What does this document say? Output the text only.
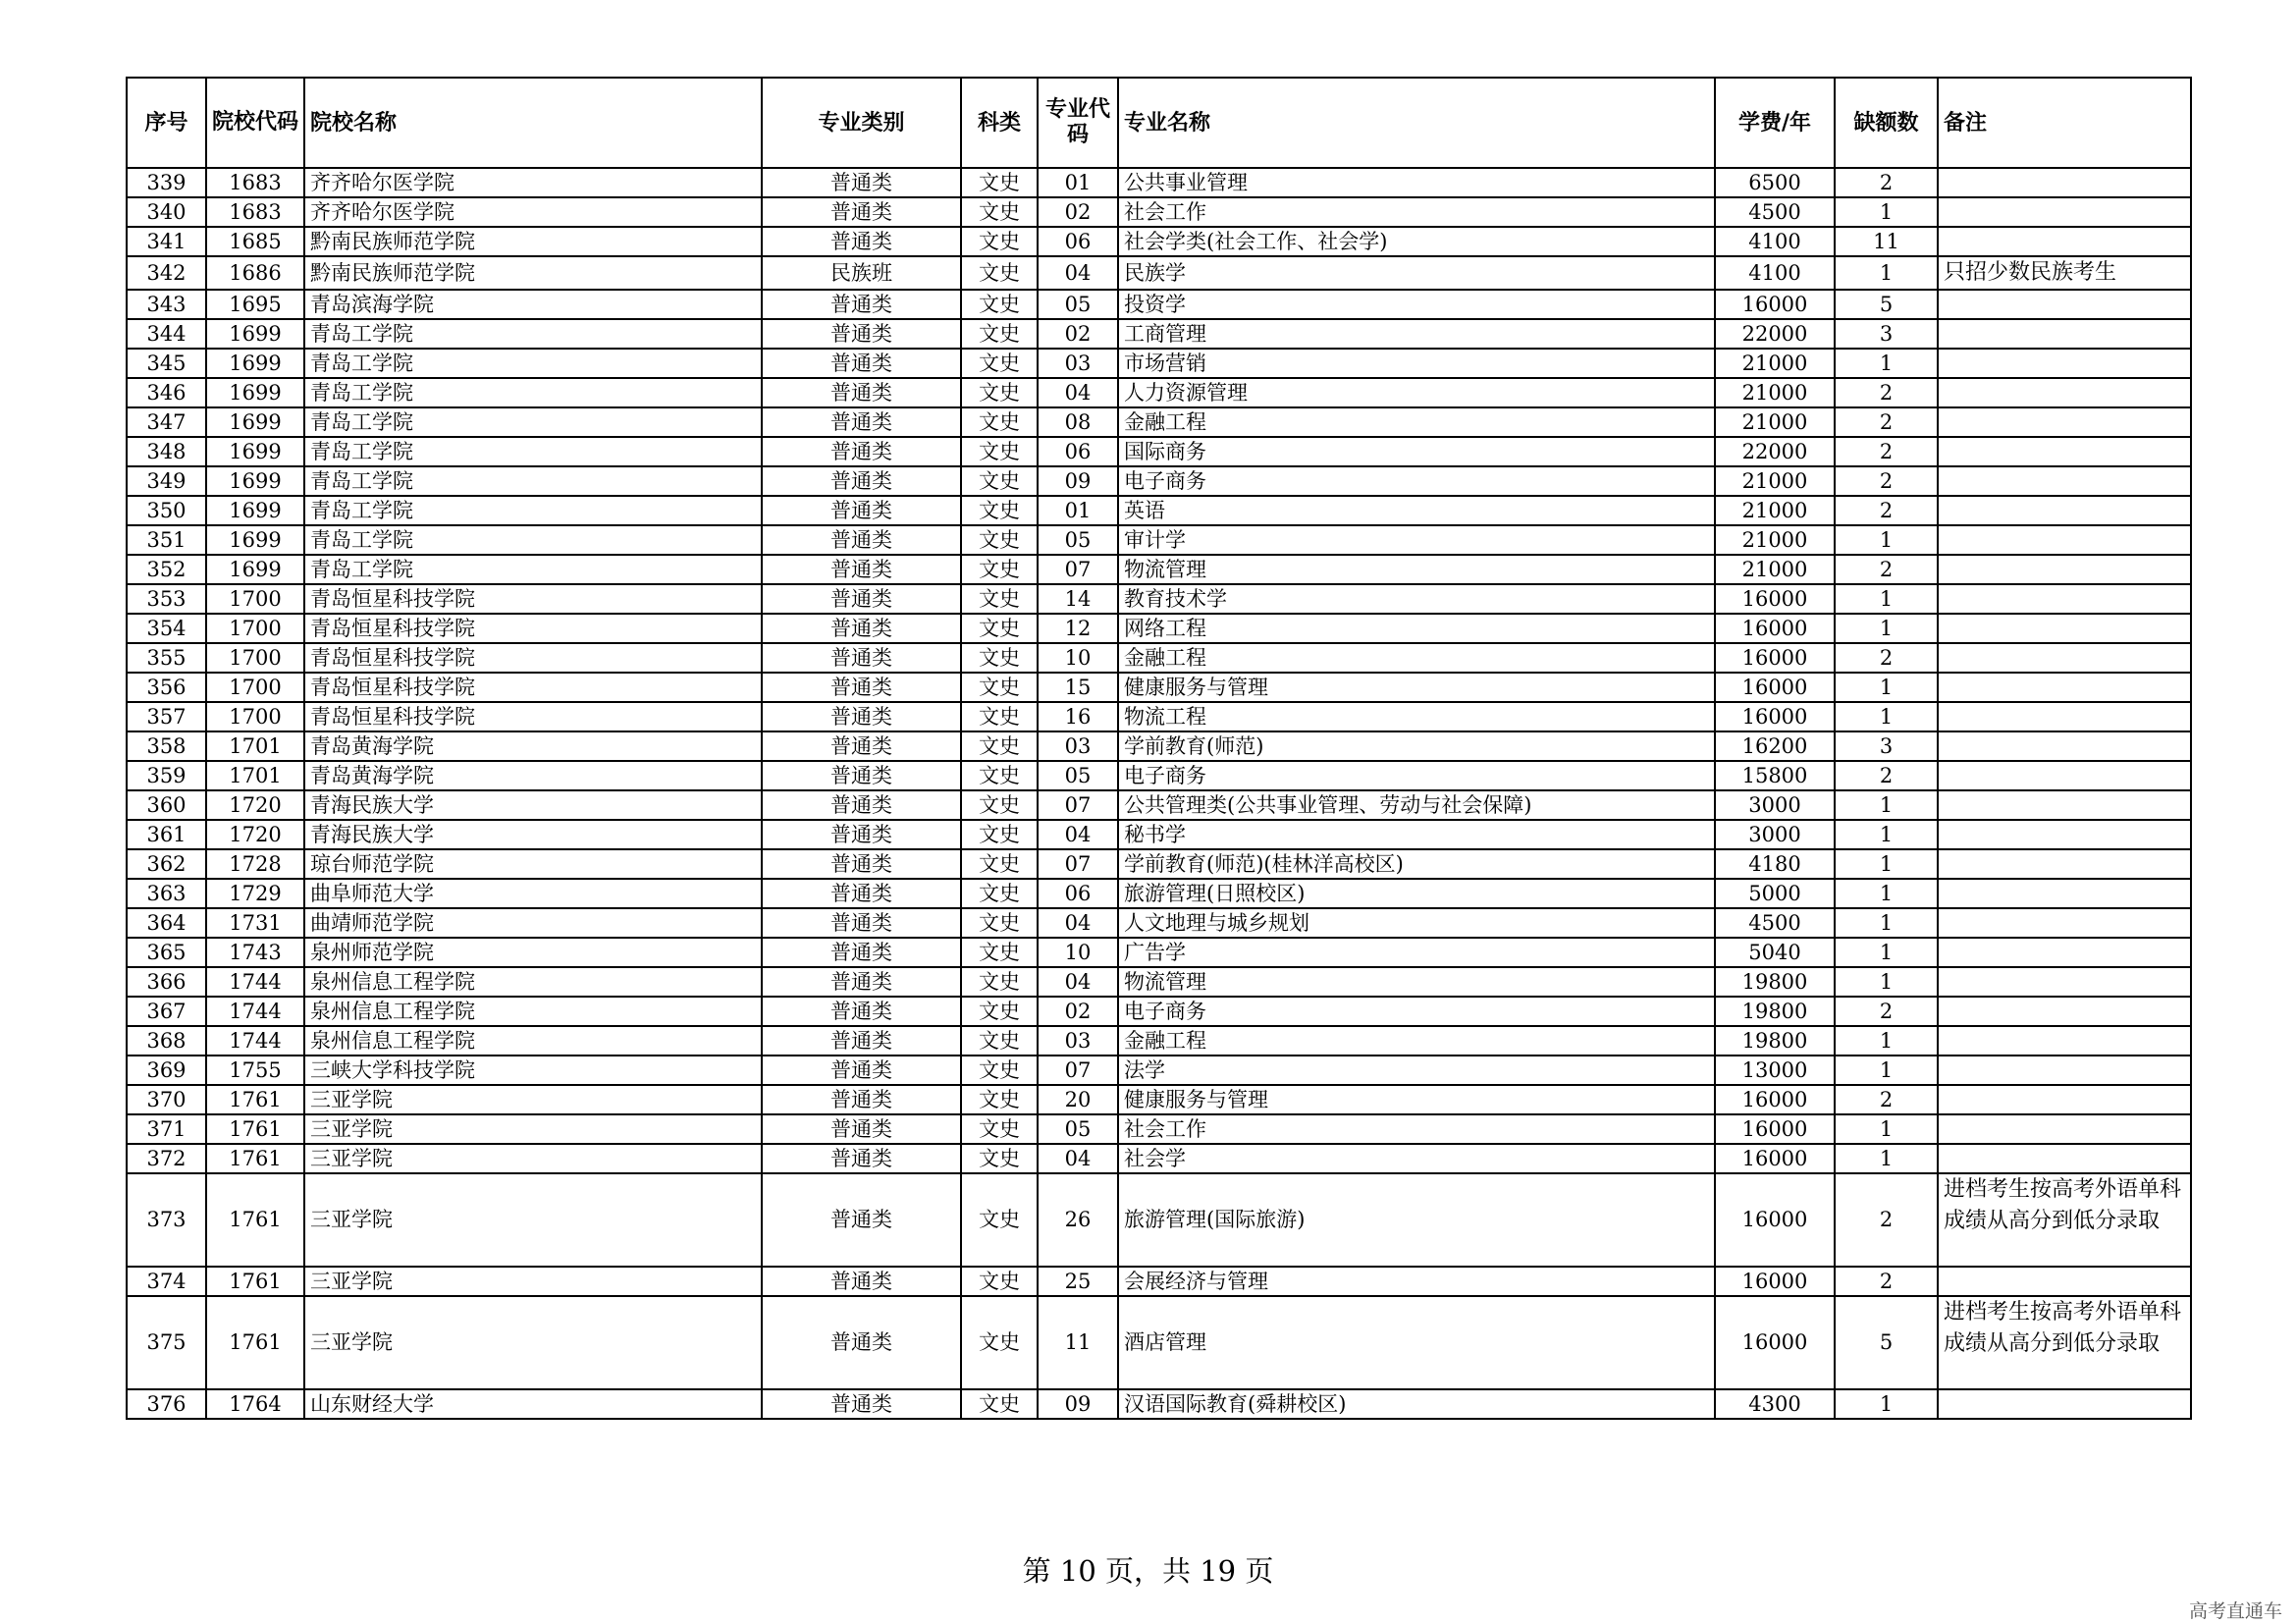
序号	院校代码	院校名称	专业类别	科类	专业代码	专业名称	学费/年	缺额数	备注
339	1683	齐齐哈尔医学院	普通类	文史	01	公共事业管理	6500	2	
340	1683	齐齐哈尔医学院	普通类	文史	02	社会工作	4500	1	
341	1685	黔南民族师范学院	普通类	文史	06	社会学类(社会工作、社会学)	4100	11	
342	1686	黔南民族师范学院	民族班	文史	04	民族学	4100	1	只招少数民族考生
343	1695	青岛滨海学院	普通类	文史	05	投资学	16000	5	
344	1699	青岛工学院	普通类	文史	02	工商管理	22000	3	
345	1699	青岛工学院	普通类	文史	03	市场营销	21000	1	
346	1699	青岛工学院	普通类	文史	04	人力资源管理	21000	2	
347	1699	青岛工学院	普通类	文史	08	金融工程	21000	2	
348	1699	青岛工学院	普通类	文史	06	国际商务	22000	2	
349	1699	青岛工学院	普通类	文史	09	电子商务	21000	2	
350	1699	青岛工学院	普通类	文史	01	英语	21000	2	
351	1699	青岛工学院	普通类	文史	05	审计学	21000	1	
352	1699	青岛工学院	普通类	文史	07	物流管理	21000	2	
353	1700	青岛恒星科技学院	普通类	文史	14	教育技术学	16000	1	
354	1700	青岛恒星科技学院	普通类	文史	12	网络工程	16000	1	
355	1700	青岛恒星科技学院	普通类	文史	10	金融工程	16000	2	
356	1700	青岛恒星科技学院	普通类	文史	15	健康服务与管理	16000	1	
357	1700	青岛恒星科技学院	普通类	文史	16	物流工程	16000	1	
358	1701	青岛黄海学院	普通类	文史	03	学前教育(师范)	16200	3	
359	1701	青岛黄海学院	普通类	文史	05	电子商务	15800	2	
360	1720	青海民族大学	普通类	文史	07	公共管理类(公共事业管理、劳动与社会保障)	3000	1	
361	1720	青海民族大学	普通类	文史	04	秘书学	3000	1	
362	1728	琼台师范学院	普通类	文史	07	学前教育(师范)(桂林洋高校区)	4180	1	
363	1729	曲阜师范大学	普通类	文史	06	旅游管理(日照校区)	5000	1	
364	1731	曲靖师范学院	普通类	文史	04	人文地理与城乡规划	4500	1	
365	1743	泉州师范学院	普通类	文史	10	广告学	5040	1	
366	1744	泉州信息工程学院	普通类	文史	04	物流管理	19800	1	
367	1744	泉州信息工程学院	普通类	文史	02	电子商务	19800	2	
368	1744	泉州信息工程学院	普通类	文史	03	金融工程	19800	1	
369	1755	三峡大学科技学院	普通类	文史	07	法学	13000	1	
370	1761	三亚学院	普通类	文史	20	健康服务与管理	16000	2	
371	1761	三亚学院	普通类	文史	05	社会工作	16000	1	
372	1761	三亚学院	普通类	文史	04	社会学	16000	1	
373	1761	三亚学院	普通类	文史	26	旅游管理(国际旅游)	16000	2	进档考生按高考外语单科成绩从高分到低分录取
374	1761	三亚学院	普通类	文史	25	会展经济与管理	16000	2	
375	1761	三亚学院	普通类	文史	11	酒店管理	16000	5	进档考生按高考外语单科成绩从高分到低分录取
376	1764	山东财经大学	普通类	文史	09	汉语国际教育(舜耕校区)	4300	1	
第 10 页，共 19 页
高考直通车
